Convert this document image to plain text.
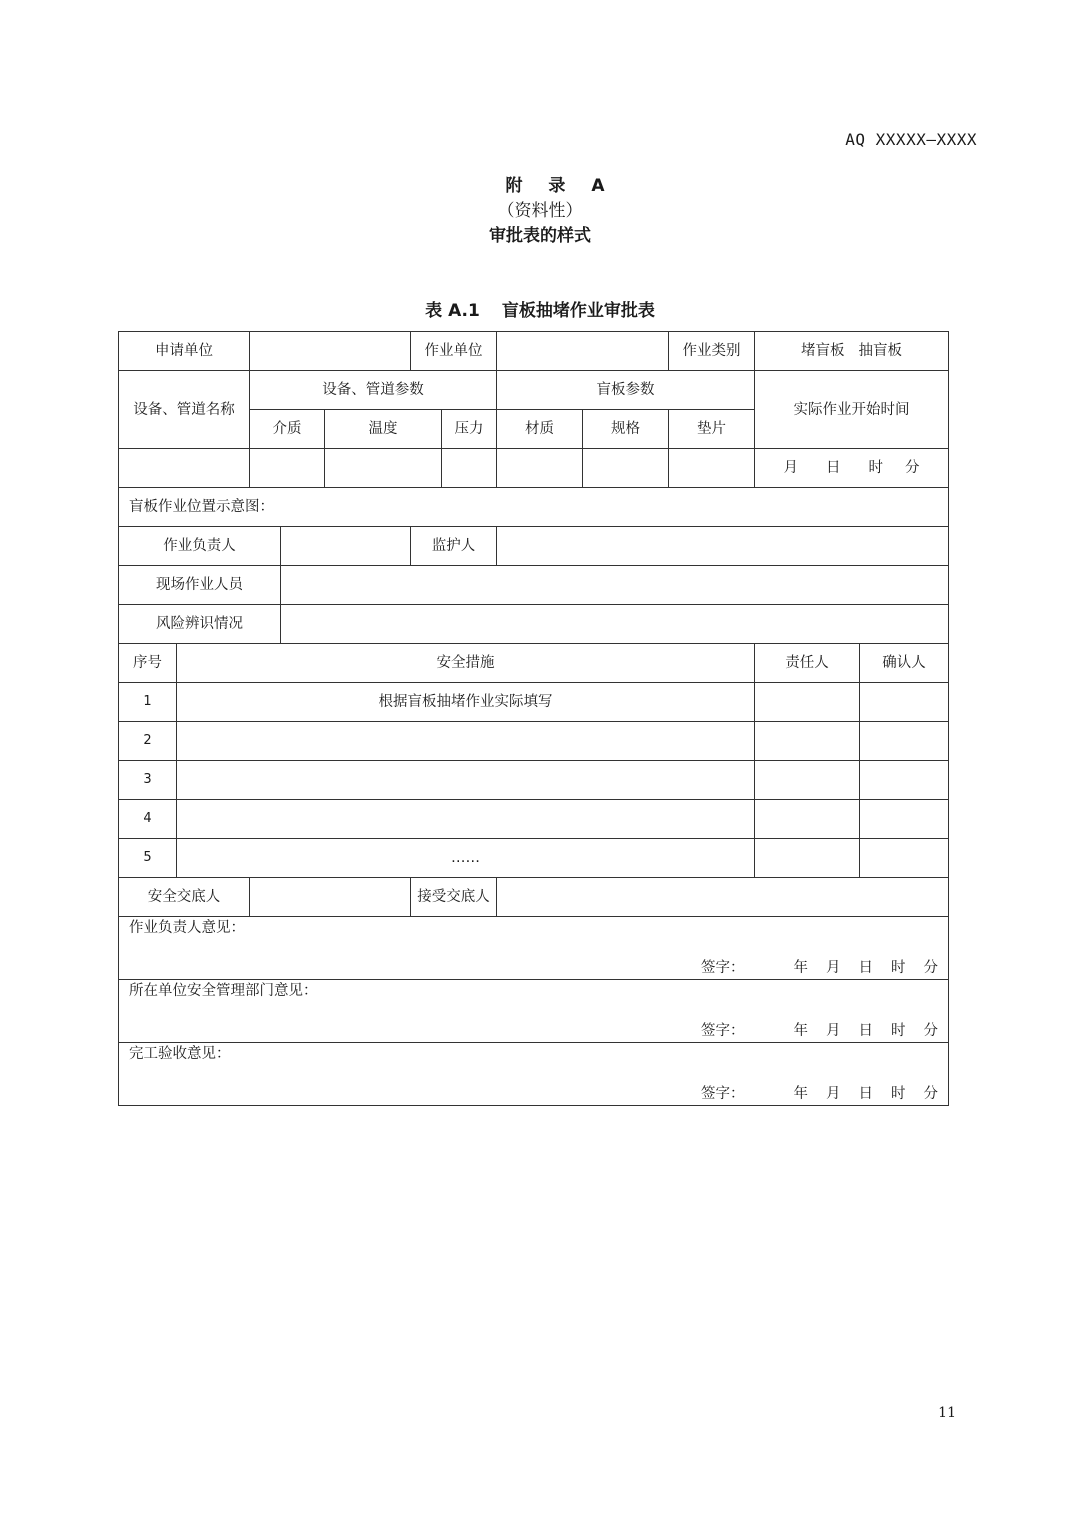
AQ XXXXX—XXXX
附 录 A
（资料性）
审批表的样式
表 A.1 盲板抽堵作业审批表
申请单位					作业单位				作业类别	堵盲板 抽盲板	
设备、管道名称		设备、管道参数					盲板参数			实际作业开始时间	
		介质		温度		压力	材质	规格	垫片		
										月 日 时 分	
盲板作业位置示意图：											
作业负责人					监护人						
现场作业人员											
风险辨识情况											
序号	安全措施									责任人	确认人
1	根据盲板抽堵作业实际填写										
2											
3											
4											
5	……										
安全交底人					接受交底人						

作业负责人意见：
签字： 年 月 日 时 分											

所在单位安全管理部门意见：
签字： 年 月 日 时 分											

完工验收意见：
签字： 年 月 日 时 分											
11
